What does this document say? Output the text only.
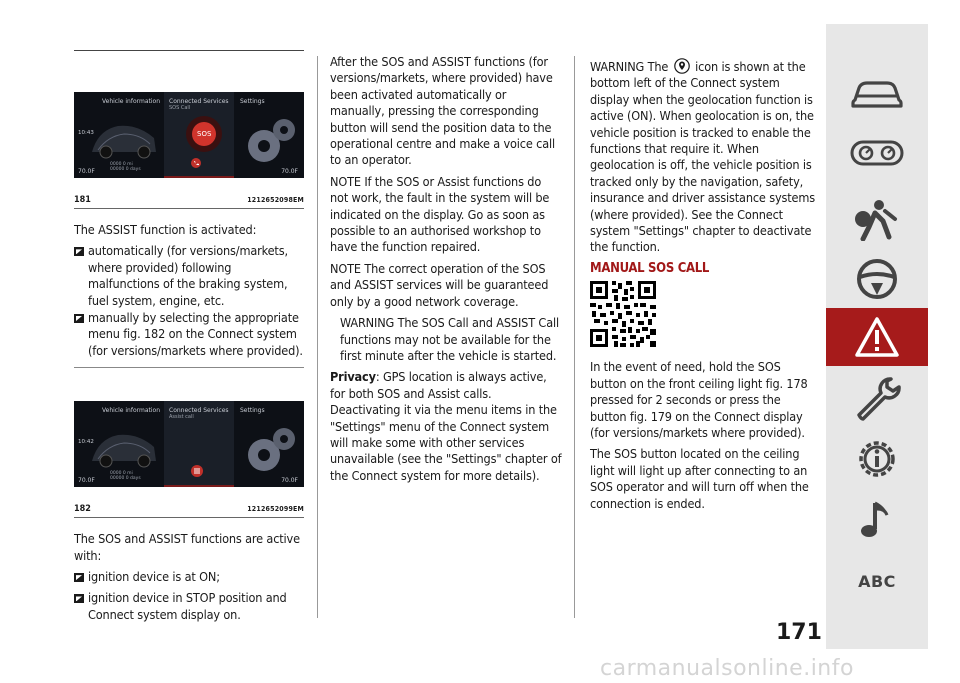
Vehicle information Connected Services
SOS Call
Settings
10:43	SOS
0000 0 mi
00000 0 days
70.0F	70.0F
181	1212652098EM

The ASSIST function is activated:

automatically (for versions/markets, where provided) following malfunctions of the braking system, fuel system, engine, etc.

manually by selecting the appropriate menu fig. 182 on the Connect system (for versions/markets where provided).

Vehicle information Connected Services
Assist call
Settings
10:42
0000 0 mi
00000 0 days
70.0F	70.0F
182	1212652099EM

The SOS and ASSIST functions are active with:

ignition device is at ON;

ignition device in STOP position and Connect system display on.

After the SOS and ASSIST functions (for versions/markets, where provided) have been activated automatically or manually, pressing the corresponding button will send the position data to the operational centre and make a voice call to an operator.

NOTE If the SOS or Assist functions do not work, the fault in the system will be indicated on the display. Go as soon as possible to an authorised workshop to have the function repaired.

NOTE The correct operation of the SOS and ASSIST services will be guaranteed only by a good network coverage.

WARNING The SOS Call and ASSIST Call functions may not be available for the first minute after the vehicle is started.

Privacy: GPS location is always active, for both SOS and Assist calls. Deactivating it via the menu items in the "Settings" menu of the Connect system will make some with other services unavailable (see the "Settings" chapter of the Connect system for more details).

WARNING The icon is shown at the bottom left of the Connect system display when the geolocation function is active (ON). When geolocation is on, the vehicle position is tracked to enable the functions that require it. When geolocation is off, the vehicle position is tracked only by the navigation, safety, insurance and driver assistance systems (where provided). See the Connect system "Settings" chapter to deactivate the function.

MANUAL SOS CALL

In the event of need, hold the SOS button on the front ceiling light fig. 178 pressed for 2 seconds or press the button fig. 179 on the Connect display (for versions/markets where provided).

The SOS button located on the ceiling light will light up after connecting to an SOS operator and will turn off when the connection is ended.

ABC
171
carmanualsonline.info
